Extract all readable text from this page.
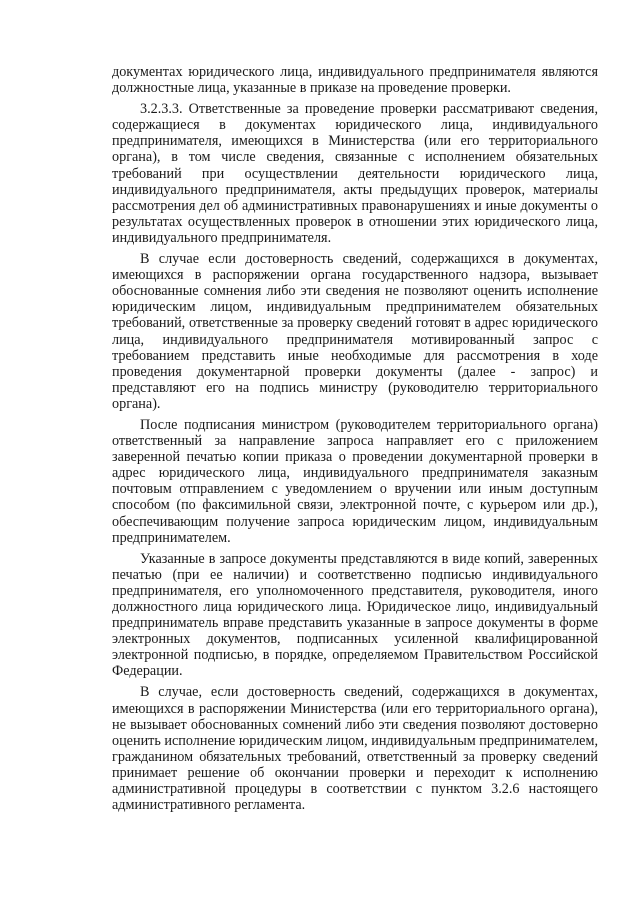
документах юридического лица, индивидуального предпринимателя являются должностные лица, указанные в приказе на проведение проверки.

3.2.3.3. Ответственные за проведение проверки рассматривают сведения, содержащиеся в документах юридического лица, индивидуального предпринимателя, имеющихся в Министерства (или его территориального органа), в том числе сведения, связанные с исполнением обязательных требований при осуществлении деятельности юридического лица, индивидуального предпринимателя, акты предыдущих проверок, материалы рассмотрения дел об административных правонарушениях и иные документы о результатах осуществленных проверок в отношении этих юридического лица, индивидуального предпринимателя.

В случае если достоверность сведений, содержащихся в документах, имеющихся в распоряжении органа государственного надзора, вызывает обоснованные сомнения либо эти сведения не позволяют оценить исполнение юридическим лицом, индивидуальным предпринимателем обязательных требований, ответственные за проверку сведений готовят в адрес юридического лица, индивидуального предпринимателя мотивированный запрос с требованием представить иные необходимые для рассмотрения в ходе проведения документарной проверки документы (далее - запрос) и представляют его на подпись министру (руководителю территориального органа).

После подписания министром (руководителем территориального органа) ответственный за направление запроса направляет его с приложением заверенной печатью копии приказа о проведении документарной проверки в адрес юридического лица, индивидуального предпринимателя заказным почтовым отправлением с уведомлением о вручении или иным доступным способом (по факсимильной связи, электронной почте, с курьером или др.), обеспечивающим получение запроса юридическим лицом, индивидуальным предпринимателем.

Указанные в запросе документы представляются в виде копий, заверенных печатью (при ее наличии) и соответственно подписью индивидуального предпринимателя, его уполномоченного представителя, руководителя, иного должностного лица юридического лица. Юридическое лицо, индивидуальный предприниматель вправе представить указанные в запросе документы в форме электронных документов, подписанных усиленной квалифицированной электронной подписью, в порядке, определяемом Правительством Российской Федерации.

В случае, если достоверность сведений, содержащихся в документах, имеющихся в распоряжении Министерства (или его территориального органа), не вызывает обоснованных сомнений либо эти сведения позволяют достоверно оценить исполнение юридическим лицом, индивидуальным предпринимателем, гражданином обязательных требований, ответственный за проверку сведений принимает решение об окончании проверки и переходит к исполнению административной процедуры в соответствии с пунктом 3.2.6 настоящего административного регламента.
